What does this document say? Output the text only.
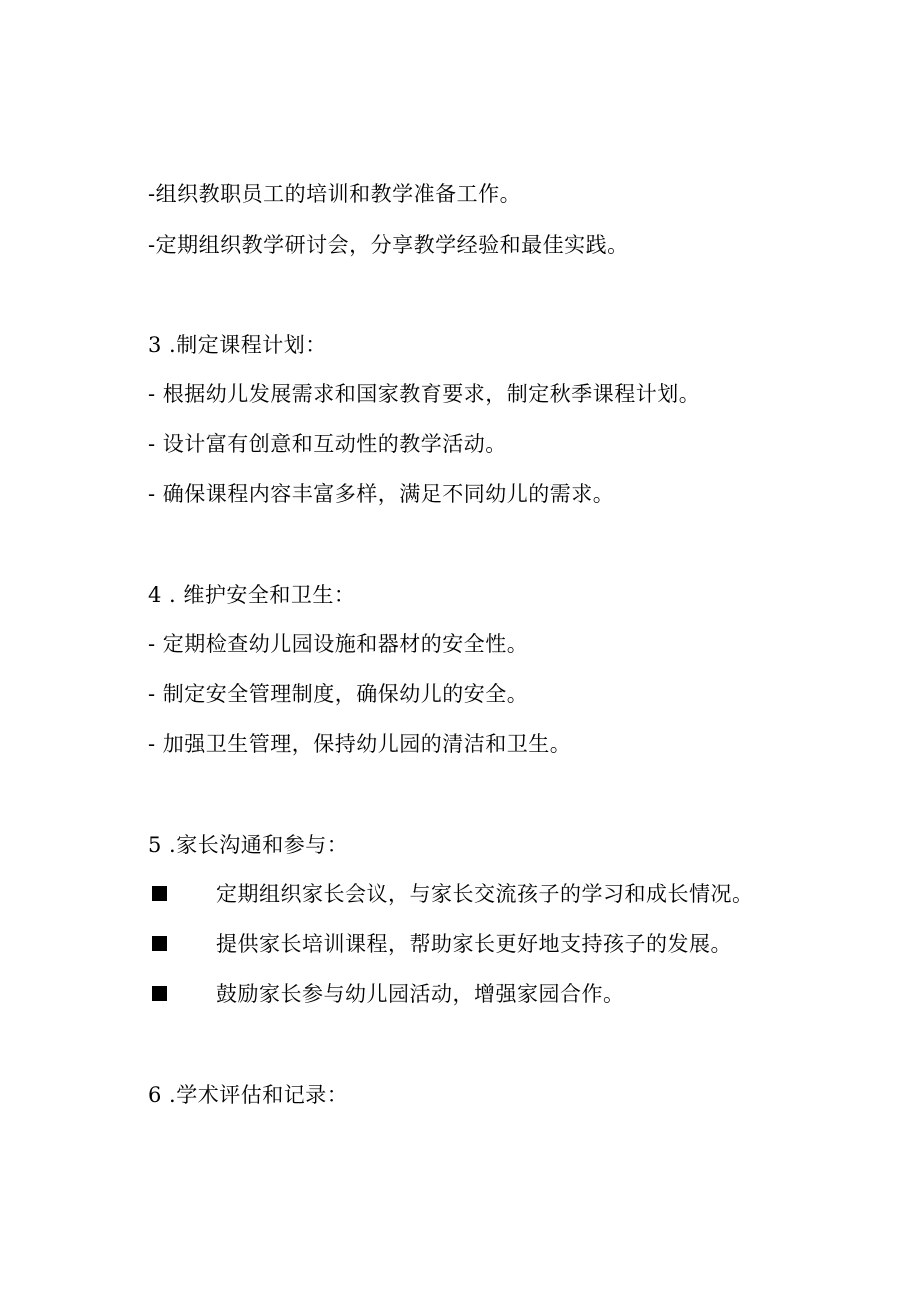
-组织教职员工的培训和教学准备工作。
-定期组织教学研讨会，分享教学经验和最佳实践。
3 .制定课程计划：
- 根据幼儿发展需求和国家教育要求，制定秋季课程计划。
- 设计富有创意和互动性的教学活动。
- 确保课程内容丰富多样，满足不同幼儿的需求。
4 . 维护安全和卫生：
- 定期检查幼儿园设施和器材的安全性。
- 制定安全管理制度，确保幼儿的安全。
- 加强卫生管理，保持幼儿园的清洁和卫生。
5 .家长沟通和参与：
定期组织家长会议，与家长交流孩子的学习和成长情况。
提供家长培训课程，帮助家长更好地支持孩子的发展。
鼓励家长参与幼儿园活动，增强家园合作。
6 .学术评估和记录：
